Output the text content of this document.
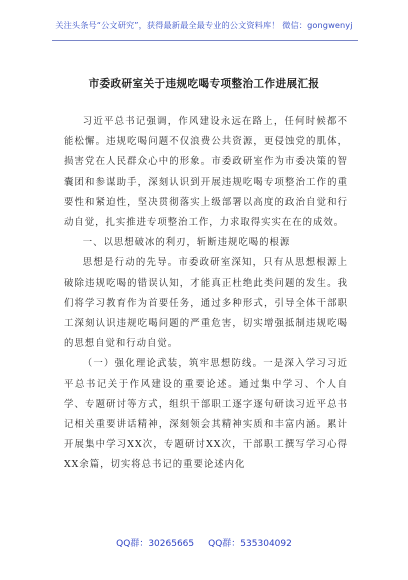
关注头条号“公文研究”，获得最新最全最专业的公文资料库！ 微信：gongwenyj
市委政研室关于违规吃喝专项整治工作进展汇报

习近平总书记强调，作风建设永远在路上，任何时候都不能松懈。违规吃喝问题不仅浪费公共资源，更侵蚀党的肌体，损害党在人民群众心中的形象。市委政研室作为市委决策的智囊团和参谋助手，深刻认识到开展违规吃喝专项整治工作的重要性和紧迫性，坚决贯彻落实上级部署以高度的政治自觉和行动自觉，扎实推进专项整治工作，力求取得实实在在的成效。

一、以思想破冰的利刃，斩断违规吃喝的根源

思想是行动的先导。市委政研室深知，只有从思想根源上破除违规吃喝的错误认知，才能真正杜绝此类问题的发生。我们将学习教育作为首要任务，通过多种形式，引导全体干部职工深刻认识违规吃喝问题的严重危害，切实增强抵制违规吃喝的思想自觉和行动自觉。

（一）强化理论武装，筑牢思想防线。一是深入学习习近平总书记关于作风建设的重要论述。通过集中学习、个人自学、专题研讨等方式，组织干部职工逐字逐句研读习近平总书记相关重要讲话精神，深刻领会其精神实质和丰富内涵。累计开展集中学习XX次，专题研讨XX次，干部职工撰写学习心得XX余篇，切实将总书记的重要论述内化

QQ群：30265665 QQ群：535304092
